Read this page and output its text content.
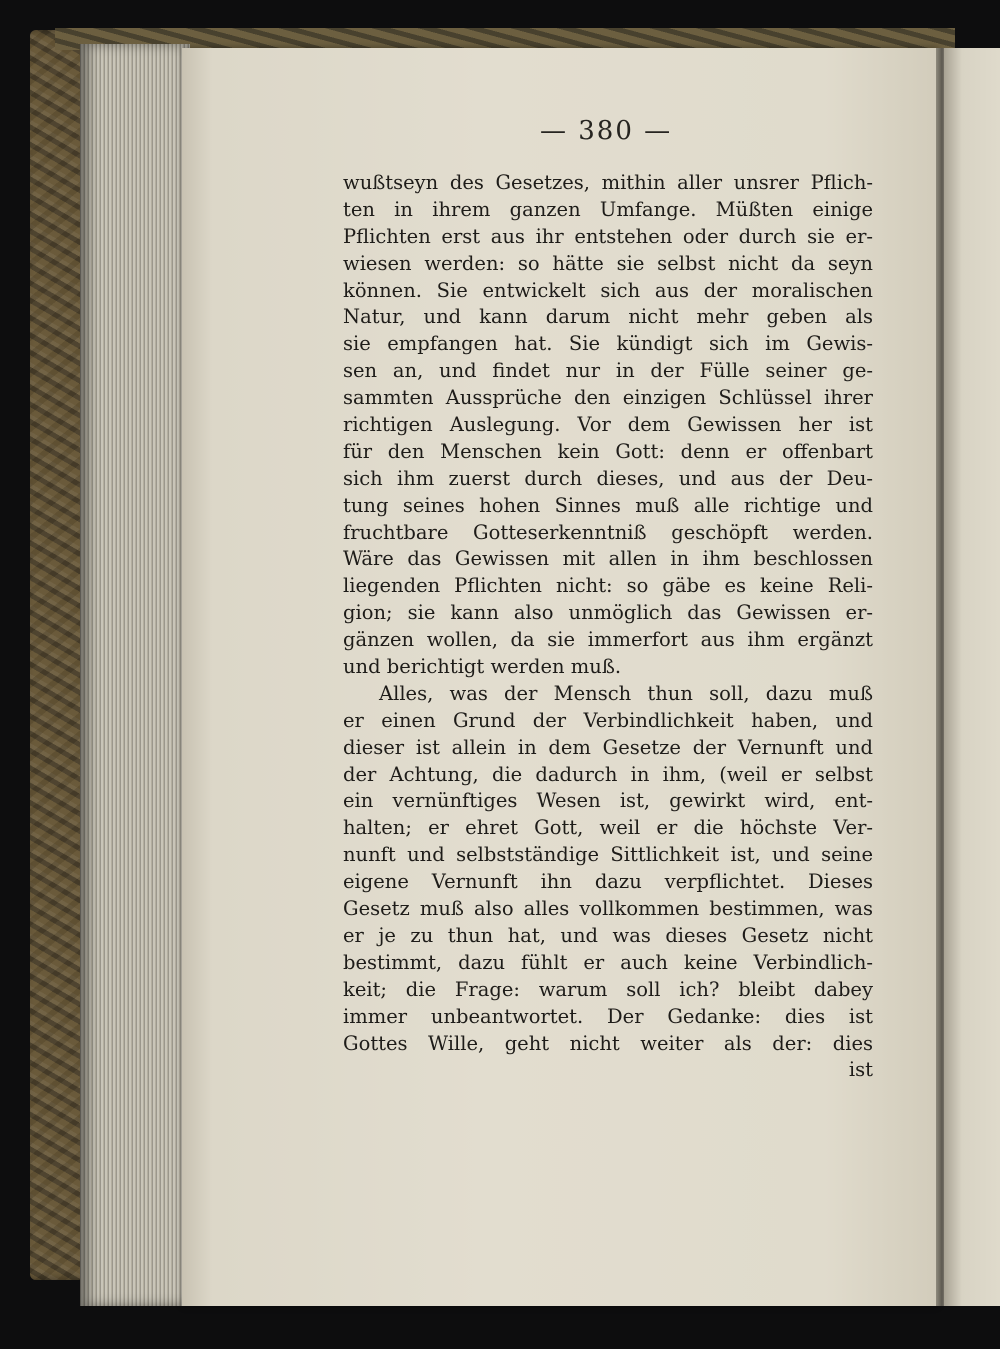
— 380 —
wußtseyn des Gesetzes, mithin aller unsrer Pflich-
ten in ihrem ganzen Umfange. Müßten einige
Pflichten erst aus ihr entstehen oder durch sie er-
wiesen werden: so hätte sie selbst nicht da seyn
können. Sie entwickelt sich aus der moralischen
Natur, und kann darum nicht mehr geben als
sie empfangen hat. Sie kündigt sich im Gewis-
sen an, und findet nur in der Fülle seiner ge-
sammten Aussprüche den einzigen Schlüssel ihrer
richtigen Auslegung. Vor dem Gewissen her ist
für den Menschen kein Gott: denn er offenbart
sich ihm zuerst durch dieses, und aus der Deu-
tung seines hohen Sinnes muß alle richtige und
fruchtbare Gotteserkenntniß geschöpft werden.
Wäre das Gewissen mit allen in ihm beschlossen
liegenden Pflichten nicht: so gäbe es keine Reli-
gion; sie kann also unmöglich das Gewissen er-
gänzen wollen, da sie immerfort aus ihm ergänzt
und berichtigt werden muß.
Alles, was der Mensch thun soll, dazu muß
er einen Grund der Verbindlichkeit haben, und
dieser ist allein in dem Gesetze der Vernunft und
der Achtung, die dadurch in ihm, (weil er selbst
ein vernünftiges Wesen ist, gewirkt wird, ent-
halten; er ehret Gott, weil er die höchste Ver-
nunft und selbstständige Sittlichkeit ist, und seine
eigene Vernunft ihn dazu verpflichtet. Dieses
Gesetz muß also alles vollkommen bestimmen, was
er je zu thun hat, und was dieses Gesetz nicht
bestimmt, dazu fühlt er auch keine Verbindlich-
keit; die Frage: warum soll ich? bleibt dabey
immer unbeantwortet. Der Gedanke: dies ist
Gottes Wille, geht nicht weiter als der: dies
ist
